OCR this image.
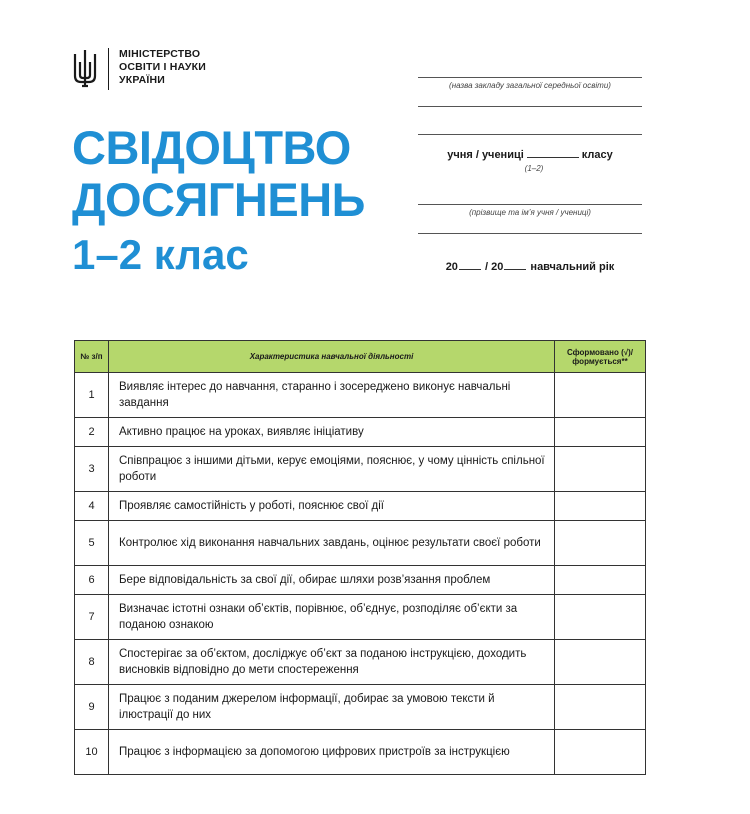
МІНІСТЕРСТВО
ОСВІТИ І НАУКИ
УКРАЇНИ
СВІДОЦТВО
ДОСЯГНЕНЬ
1–2 клас
(назва закладу загальної середньої освіти)
учня / учениці	класу
(1–2)
(прізвище та ім’я учня / учениці)
20 / 20 навчальний рік
№ з/п	Характеристика навчальної діяльності	Сформовано (√)/ формується**
1	Виявляє інтерес до навчання, старанно і зосереджено виконує навчальні завдання	
2	Активно працює на уроках, виявляє ініціативу	
3	Співпрацює з іншими дітьми, керує емоціями, пояснює, у чому цінність спільної роботи	
4	Проявляє самостійність у роботі, пояснює свої дії	
5	Контролює хід виконання навчальних завдань, оцінює результати своєї роботи	
6	Бере відповідальність за свої дії, обирає шляхи розв’язання проблем	
7	Визначає істотні ознаки об’єктів, порівнює, об’єднує, розподіляє об’єкти за поданою ознакою	
8	Спостерігає за об’єктом, досліджує об’єкт за поданою інструкцією, доходить висновків відповідно до мети спостереження	
9	Працює з поданим джерелом інформації, добирає за умовою тексти й ілюстрації до них	
10	Працює з інформацією за допомогою цифрових пристроїв за інструкцією	
